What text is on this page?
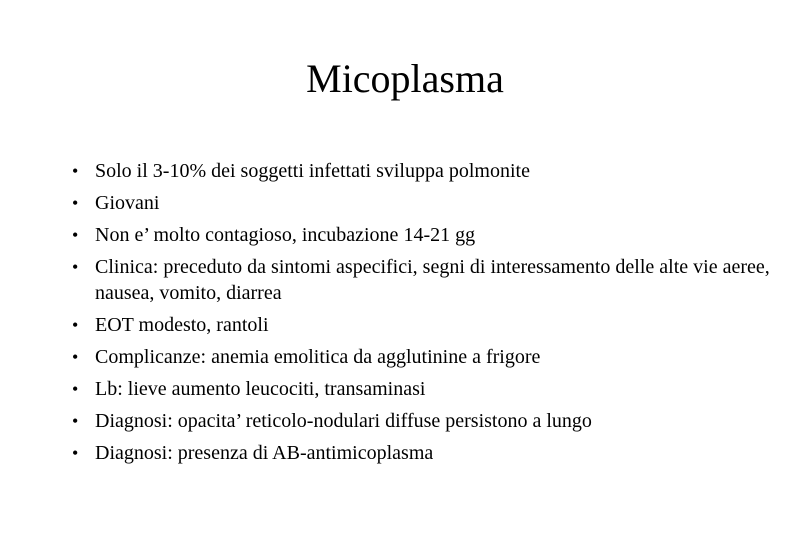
Micoplasma
• Solo il 3-10% dei soggetti infettati sviluppa polmonite
• Giovani
• Non e’ molto contagioso, incubazione 14-21 gg
• Clinica: preceduto da sintomi aspecifici, segni di interessamento delle alte vie aeree, nausea, vomito, diarrea
• EOT modesto, rantoli
• Complicanze: anemia emolitica da agglutinine a frigore
• Lb: lieve aumento leucociti, transaminasi
• Diagnosi: opacita’ reticolo-nodulari diffuse persistono a lungo
• Diagnosi: presenza di AB-antimicoplasma
